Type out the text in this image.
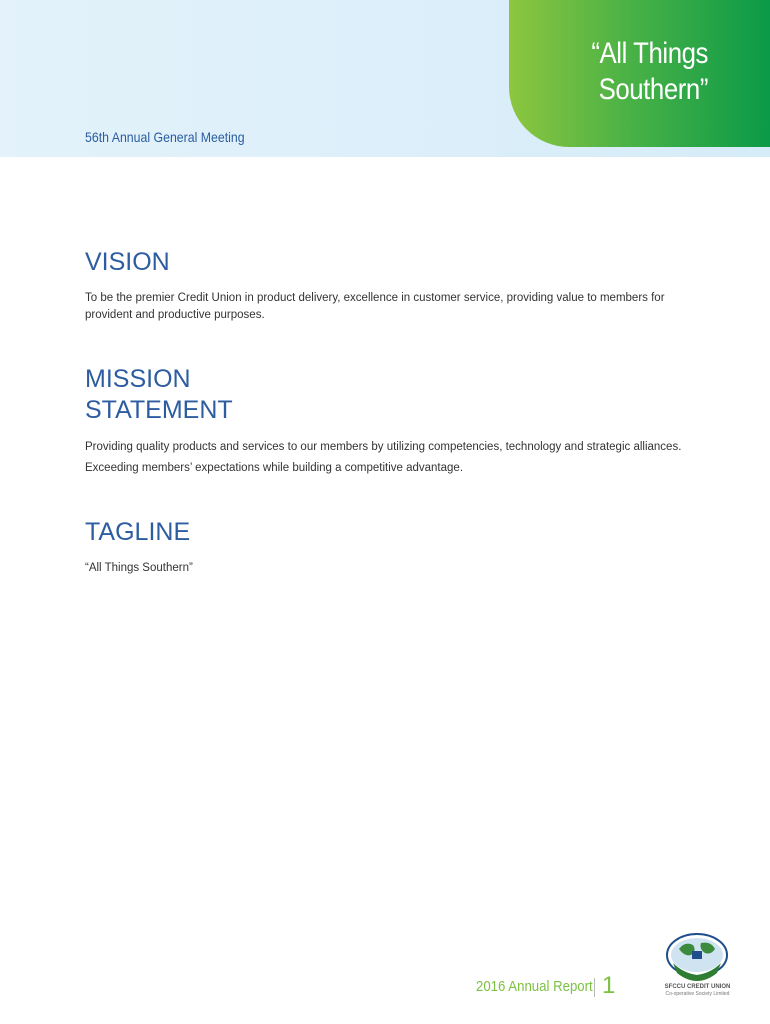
“All Things
Southern”
56th Annual General Meeting
VISION

To be the premier Credit Union in product delivery, excellence in customer service, providing value to members for provident and productive purposes.

MISSION
STATEMENT

Providing quality products and services to our members by utilizing competencies, technology and strategic alliances. Exceeding members’ expectations while building a competitive advantage.

TAGLINE

“All Things Southern”

2016 Annual Report 1	SFCCU CREDIT UNION
Co-operative Society Limited
